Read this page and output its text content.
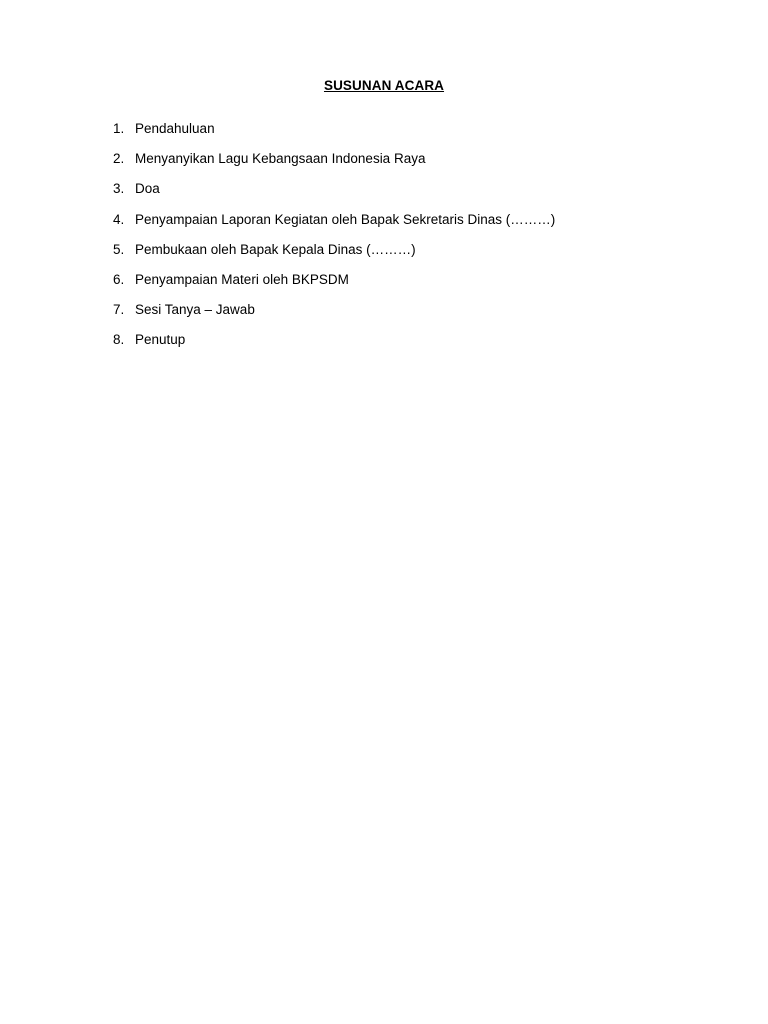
SUSUNAN ACARA
1. Pendahuluan
2. Menyanyikan Lagu Kebangsaan Indonesia Raya
3. Doa
4. Penyampaian Laporan Kegiatan oleh Bapak Sekretaris Dinas (………)
5. Pembukaan oleh Bapak Kepala Dinas (………)
6. Penyampaian Materi oleh BKPSDM
7. Sesi Tanya – Jawab
8. Penutup
